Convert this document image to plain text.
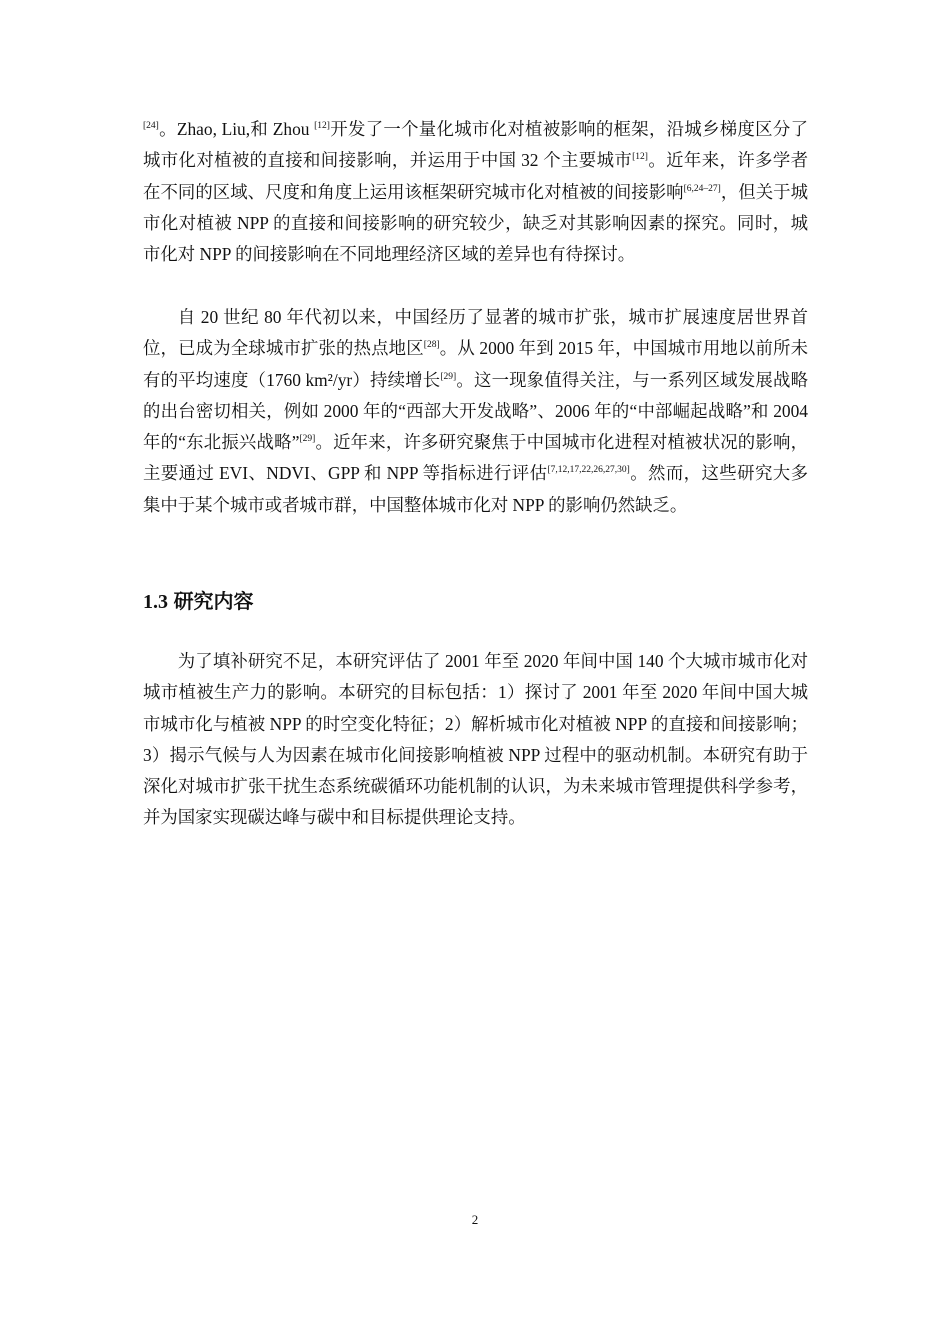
[24]。Zhao, Liu,和 Zhou [12]开发了一个量化城市化对植被影响的框架，沿城乡梯度区分了城市化对植被的直接和间接影响，并运用于中国 32 个主要城市[12]。近年来，许多学者在不同的区域、尺度和角度上运用该框架研究城市化对植被的间接影响[6,24–27]，但关于城市化对植被 NPP 的直接和间接影响的研究较少，缺乏对其影响因素的探究。同时，城市化对 NPP 的间接影响在不同地理经济区域的差异也有待探讨。

自 20 世纪 80 年代初以来，中国经历了显著的城市扩张，城市扩展速度居世界首位，已成为全球城市扩张的热点地区[28]。从 2000 年到 2015 年，中国城市用地以前所未有的平均速度（1760 km²/yr）持续增长[29]。这一现象值得关注，与一系列区域发展战略的出台密切相关，例如 2000 年的“西部大开发战略”、2006 年的“中部崛起战略”和 2004 年的“东北振兴战略”[29]。近年来，许多研究聚焦于中国城市化进程对植被状况的影响，主要通过 EVI、NDVI、GPP 和 NPP 等指标进行评估[7,12,17,22,26,27,30]。然而，这些研究大多集中于某个城市或者城市群，中国整体城市化对 NPP 的影响仍然缺乏。

1.3 研究内容

为了填补研究不足，本研究评估了 2001 年至 2020 年间中国 140 个大城市城市化对城市植被生产力的影响。本研究的目标包括：1）探讨了 2001 年至 2020 年间中国大城市城市化与植被 NPP 的时空变化特征；2）解析城市化对植被 NPP 的直接和间接影响；3）揭示气候与人为因素在城市化间接影响植被 NPP 过程中的驱动机制。本研究有助于深化对城市扩张干扰生态系统碳循环功能机制的认识，为未来城市管理提供科学参考，并为国家实现碳达峰与碳中和目标提供理论支持。

2
